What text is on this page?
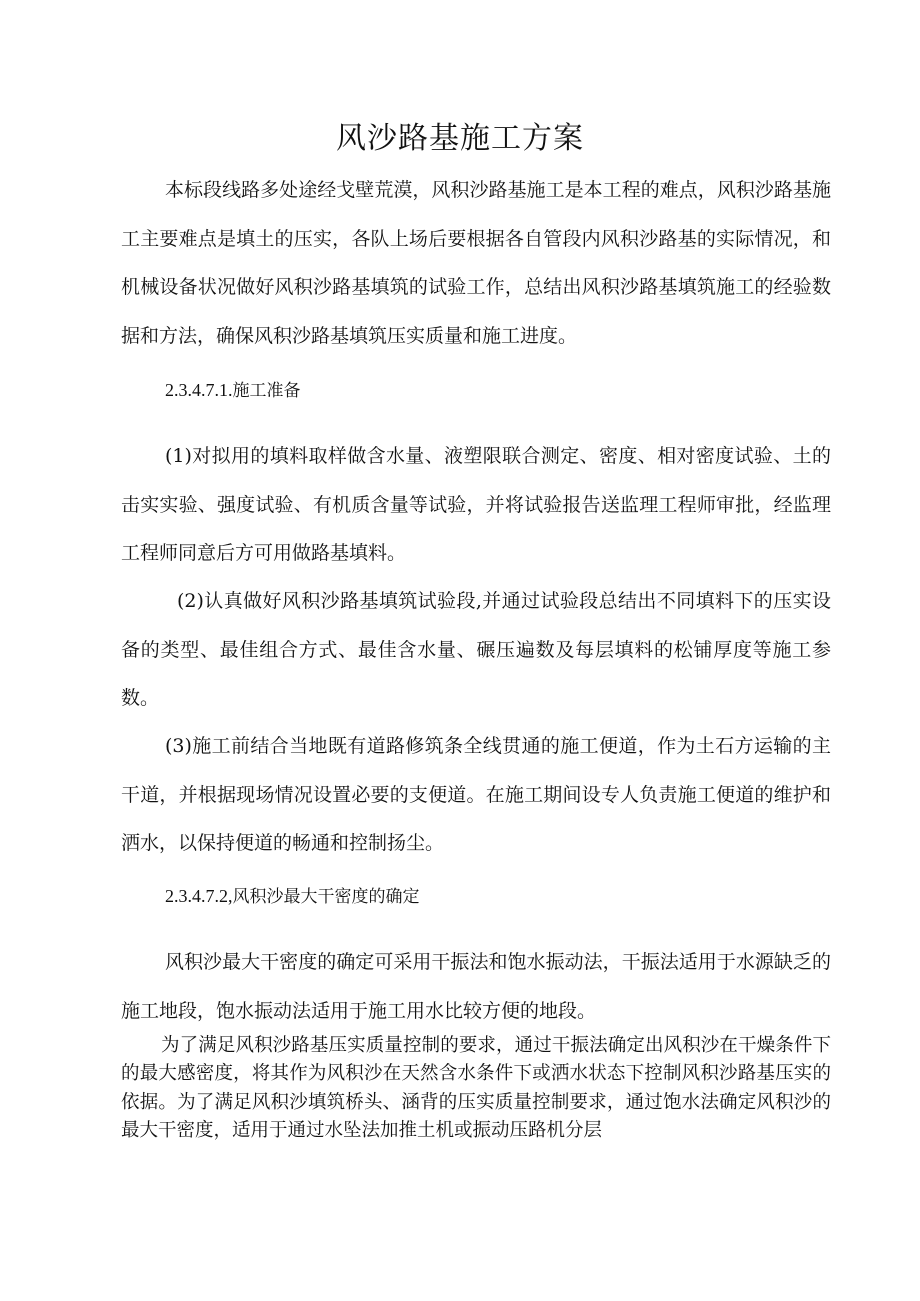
风沙路基施工方案

本标段线路多处途经戈壁荒漠，风积沙路基施工是本工程的难点，风积沙路基施工主要难点是填土的压实，各队上场后要根据各自管段内风积沙路基的实际情况，和机械设备状况做好风积沙路基填筑的试验工作，总结出风积沙路基填筑施工的经验数据和方法，确保风积沙路基填筑压实质量和施工进度。

2.3.4.7.1.施工准备

(1)对拟用的填料取样做含水量、液塑限联合测定、密度、相对密度试验、土的击实实验、强度试验、有机质含量等试验，并将试验报告送监理工程师审批，经监理工程师同意后方可用做路基填料。

(2)认真做好风积沙路基填筑试验段,并通过试验段总结出不同填料下的压实设备的类型、最佳组合方式、最佳含水量、碾压遍数及每层填料的松铺厚度等施工参数。

(3)施工前结合当地既有道路修筑条全线贯通的施工便道，作为土石方运输的主干道，并根据现场情况设置必要的支便道。在施工期间设专人负责施工便道的维护和洒水，以保持便道的畅通和控制扬尘。

2.3.4.7.2,风积沙最大干密度的确定

风积沙最大干密度的确定可采用干振法和饱水振动法，干振法适用于水源缺乏的施工地段，饱水振动法适用于施工用水比较方便的地段。

为了满足风积沙路基压实质量控制的要求，通过干振法确定出风积沙在干燥条件下的最大感密度，将其作为风积沙在天然含水条件下或洒水状态下控制风积沙路基压实的依据。为了满足风积沙填筑桥头、涵背的压实质量控制要求，通过饱水法确定风积沙的最大干密度，适用于通过水坠法加推土机或振动压路机分层
